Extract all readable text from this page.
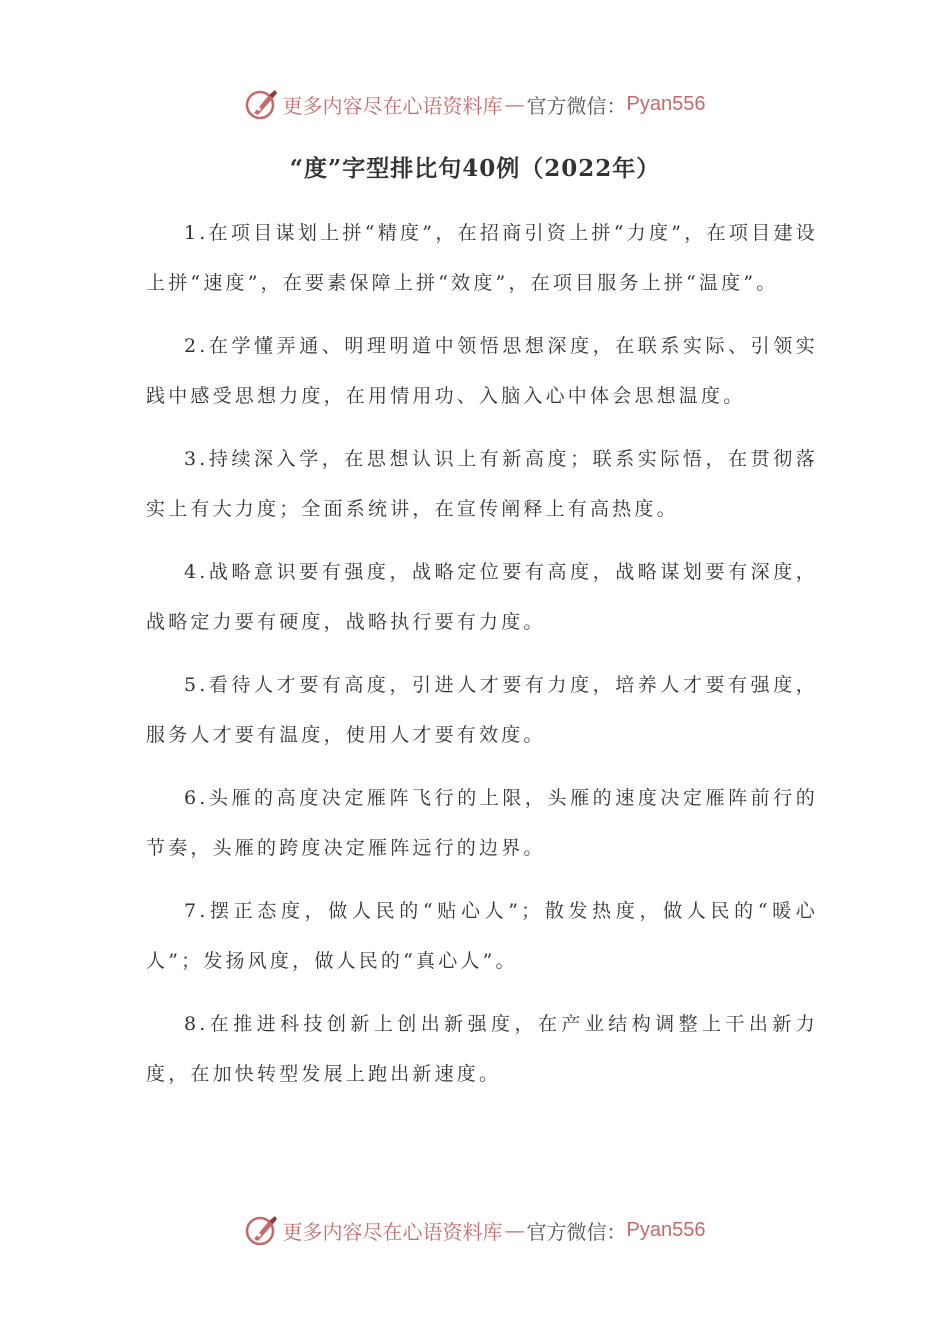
更多内容尽在心语资料库 — 官方微信： Pyan556
“度”字型排比句40例（2022年）

1.在项目谋划上拼“精度”，在招商引资上拼“力度”，在项目建设上拼“速度”，在要素保障上拼“效度”，在项目服务上拼“温度”。

2.在学懂弄通、明理明道中领悟思想深度，在联系实际、引领实践中感受思想力度，在用情用功、入脑入心中体会思想温度。

3.持续深入学，在思想认识上有新高度；联系实际悟，在贯彻落实上有大力度；全面系统讲，在宣传阐释上有高热度。

4.战略意识要有强度，战略定位要有高度，战略谋划要有深度，战略定力要有硬度，战略执行要有力度。

5.看待人才要有高度，引进人才要有力度，培养人才要有强度，服务人才要有温度，使用人才要有效度。

6.头雁的高度决定雁阵飞行的上限，头雁的速度决定雁阵前行的节奏，头雁的跨度决定雁阵远行的边界。

7.摆正态度，做人民的“贴心人”；散发热度，做人民的“暖心人”；发扬风度，做人民的“真心人”。

8.在推进科技创新上创出新强度，在产业结构调整上干出新力度，在加快转型发展上跑出新速度。

更多内容尽在心语资料库 — 官方微信： Pyan556
